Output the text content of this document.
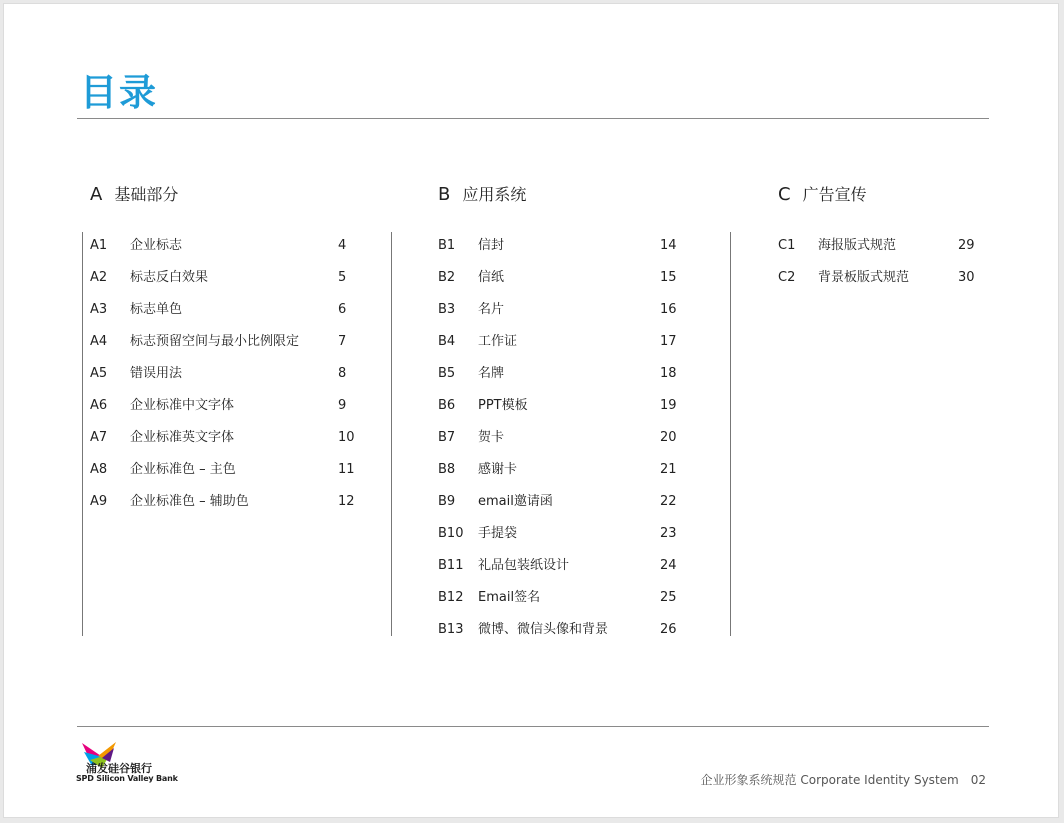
目录
A 基础部分
A1 企业标志	4
A2 标志反白效果	5
A3 标志单色	6
A4 标志预留空间与最小比例限定	7
A5 错误用法	8
A6 企业标准中文字体	9
A7 企业标准英文字体	10
A8 企业标准色 – 主色	11
A9 企业标准色 – 辅助色	12
B 应用系统
B1 信封	14
B2 信纸	15
B3 名片	16
B4 工作证	17
B5 名牌	18
B6 PPT模板	19
B7 贺卡	20
B8 感谢卡	21
B9 email邀请函	22
B10 手提袋	23
B11 礼品包装纸设计	24
B12 Email签名	25
B13 微博、微信头像和背景	26
C 广告宣传
C1 海报版式规范	29
C2 背景板版式规范	30
浦发硅谷银行
SPD Silicon Valley Bank	企业形象系统规范 Corporate Identity System 02
